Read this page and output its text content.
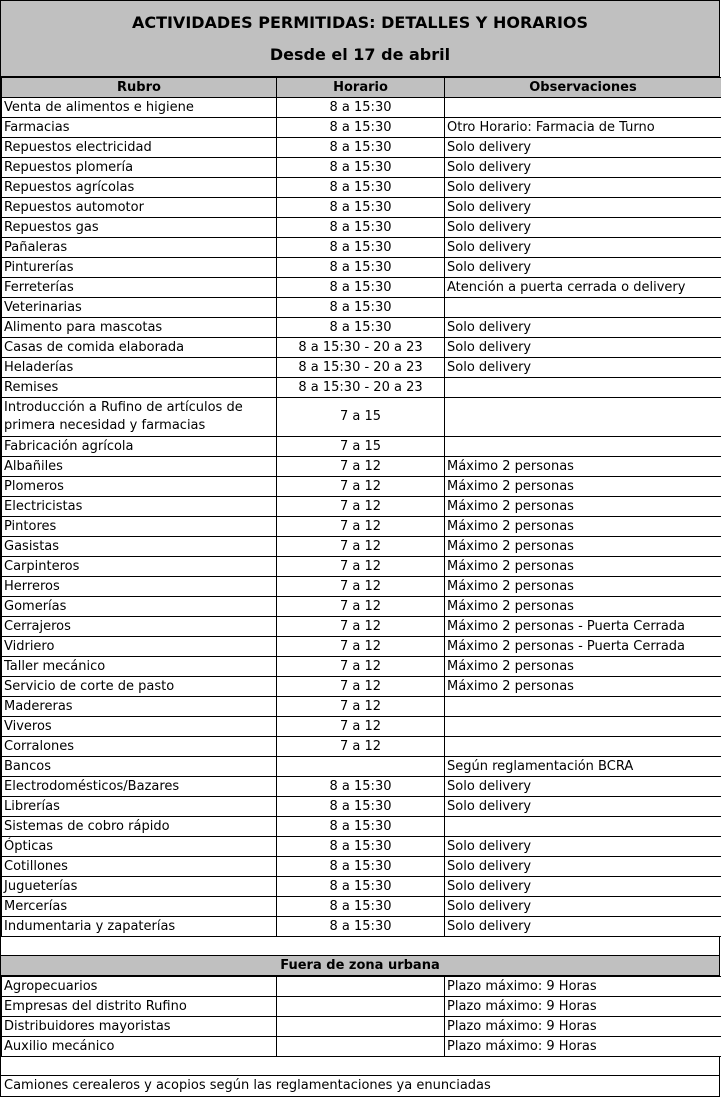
ACTIVIDADES PERMITIDAS: DETALLES Y HORARIOS
Desde el 17 de abril
Rubro	Horario	Observaciones
Venta de alimentos e higiene	8 a 15:30	
Farmacias	8 a 15:30	Otro Horario: Farmacia de Turno
Repuestos electricidad	8 a 15:30	Solo delivery
Repuestos plomería	8 a 15:30	Solo delivery
Repuestos agrícolas	8 a 15:30	Solo delivery
Repuestos automotor	8 a 15:30	Solo delivery
Repuestos gas	8 a 15:30	Solo delivery
Pañaleras	8 a 15:30	Solo delivery
Pinturerías	8 a 15:30	Solo delivery
Ferreterías	8 a 15:30	Atención a puerta cerrada o delivery
Veterinarias	8 a 15:30	
Alimento para mascotas	8 a 15:30	Solo delivery
Casas de comida elaborada	8 a 15:30 - 20 a 23	Solo delivery
Heladerías	8 a 15:30 - 20 a 23	Solo delivery
Remises	8 a 15:30 - 20 a 23	
Introducción a Rufino de artículos de primera necesidad y farmacias	7 a 15	
Fabricación agrícola	7 a 15	
Albañiles	7 a 12	Máximo 2 personas
Plomeros	7 a 12	Máximo 2 personas
Electricistas	7 a 12	Máximo 2 personas
Pintores	7 a 12	Máximo 2 personas
Gasistas	7 a 12	Máximo 2 personas
Carpinteros	7 a 12	Máximo 2 personas
Herreros	7 a 12	Máximo 2 personas
Gomerías	7 a 12	Máximo 2 personas
Cerrajeros	7 a 12	Máximo 2 personas - Puerta Cerrada
Vidriero	7 a 12	Máximo 2 personas - Puerta Cerrada
Taller mecánico	7 a 12	Máximo 2 personas
Servicio de corte de pasto	7 a 12	Máximo 2 personas
Madereras	7 a 12	
Viveros	7 a 12	
Corralones	7 a 12	
Bancos		Según reglamentación BCRA
Electrodomésticos/Bazares	8 a 15:30	Solo delivery
Librerías	8 a 15:30	Solo delivery
Sistemas de cobro rápido	8 a 15:30	
Ópticas	8 a 15:30	Solo delivery
Cotillones	8 a 15:30	Solo delivery
Jugueterías	8 a 15:30	Solo delivery
Mercerías	8 a 15:30	Solo delivery
Indumentaria y zapaterías	8 a 15:30	Solo delivery
Fuera de zona urbana
Agropecuarios		Plazo máximo: 9 Horas
Empresas del distrito Rufino		Plazo máximo: 9 Horas
Distribuidores mayoristas		Plazo máximo: 9 Horas
Auxilio mecánico		Plazo máximo: 9 Horas
Camiones cerealeros y acopios según las reglamentaciones ya enunciadas
